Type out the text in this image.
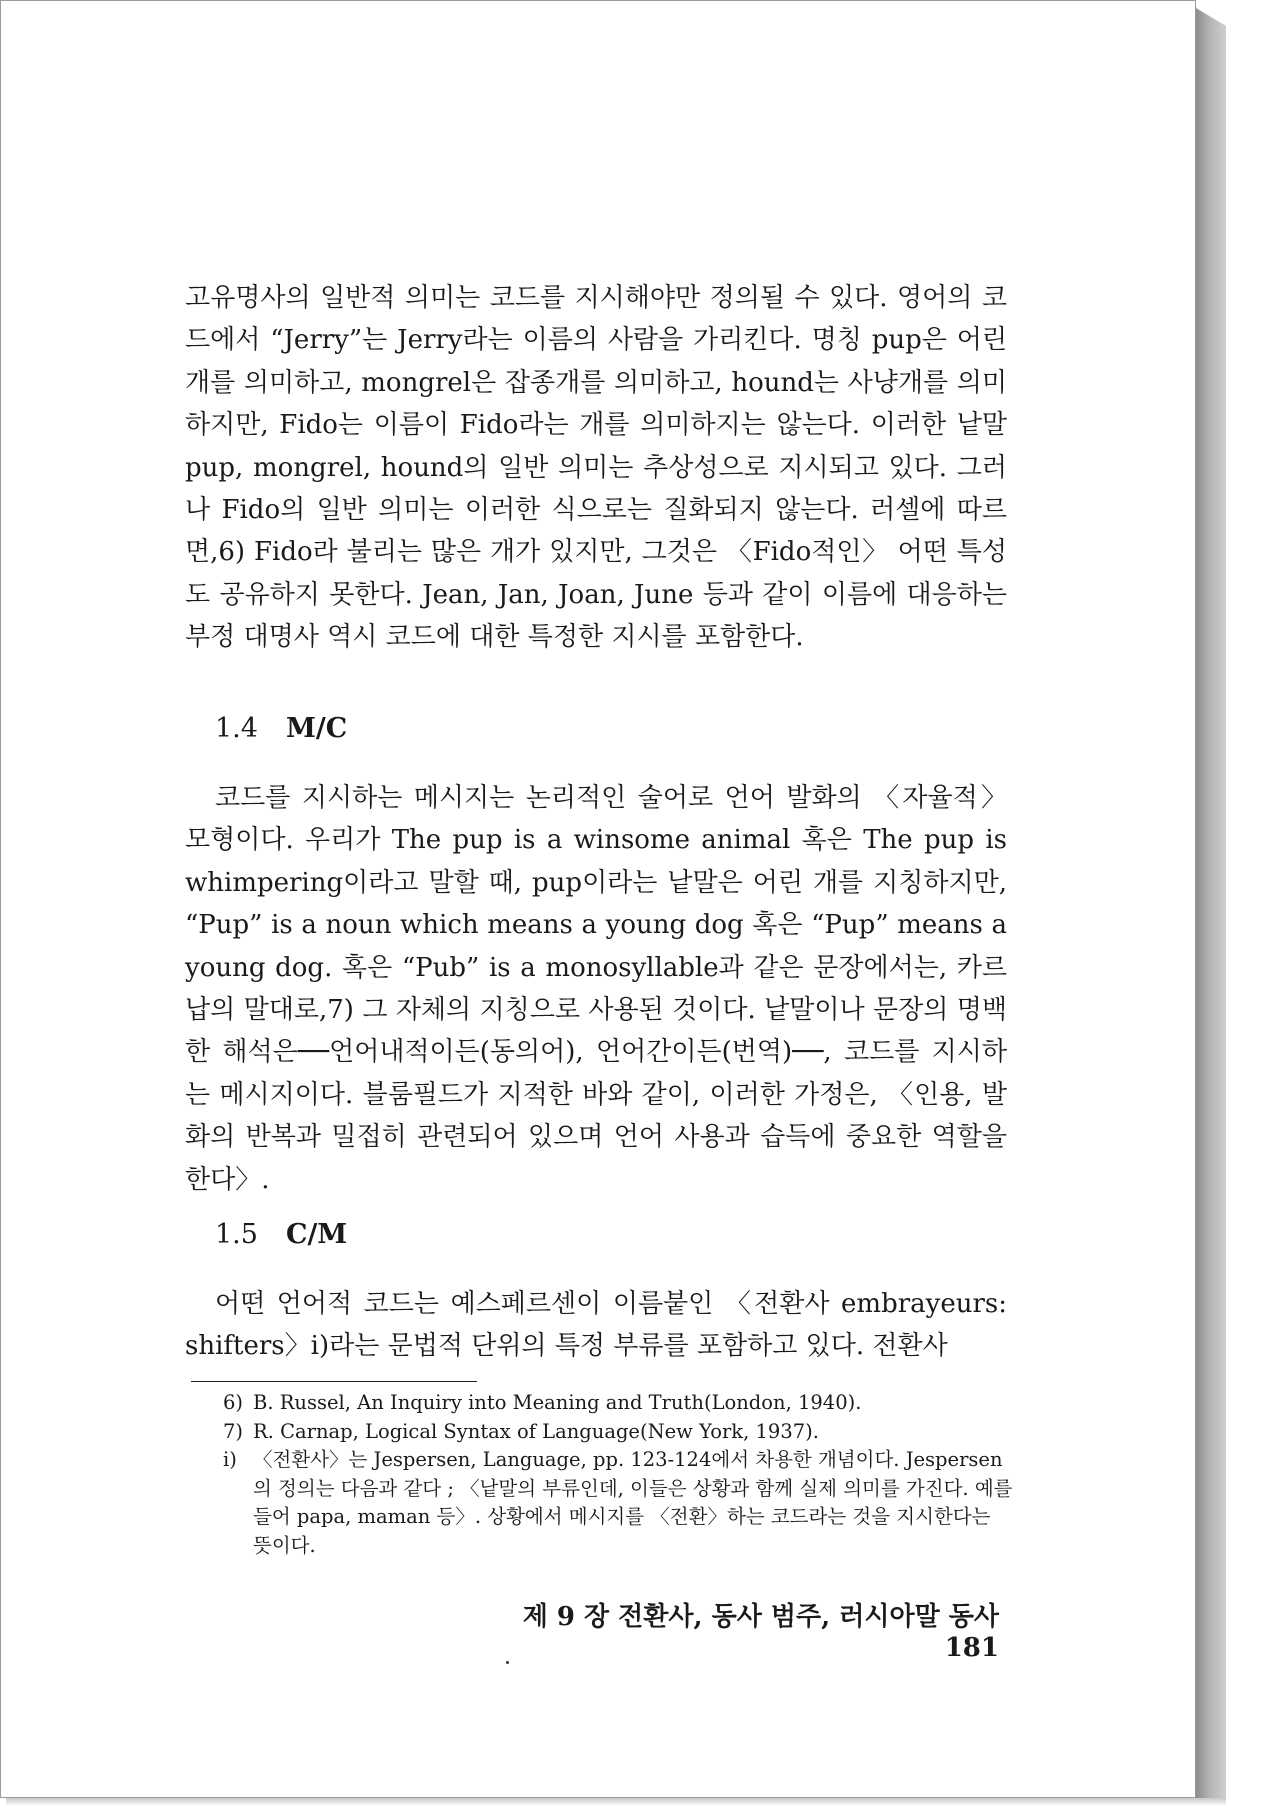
고유명사의 일반적 의미는 코드를 지시해야만 정의될 수 있다. 영어의 코드에서 “Jerry”는 Jerry라는 이름의 사람을 가리킨다. 명칭 pup은 어린 개를 의미하고, mongrel은 잡종개를 의미하고, hound는 사냥개를 의미하지만, Fido는 이름이 Fido라는 개를 의미하지는 않는다. 이러한 낱말 pup, mongrel, hound의 일반 의미는 추상성으로 지시되고 있다. 그러나 Fido의 일반 의미는 이러한 식으로는 질화되지 않는다. 러셀에 따르면,6) Fido라 불리는 많은 개가 있지만, 그것은 〈Fido적인〉 어떤 특성도 공유하지 못한다. Jean, Jan, Joan, June 등과 같이 이름에 대응하는 부정 대명사 역시 코드에 대한 특정한 지시를 포함한다.

1.4 M/C

코드를 지시하는 메시지는 논리적인 술어로 언어 발화의 〈자율적〉 모형이다. 우리가 The pup is a winsome animal 혹은 The pup is whimpering이라고 말할 때, pup이라는 낱말은 어린 개를 지칭하지만, “Pup” is a noun which means a young dog 혹은 “Pup” means a young dog. 혹은 “Pub” is a monosyllable과 같은 문장에서는, 카르납의 말대로,7) 그 자체의 지칭으로 사용된 것이다. 낱말이나 문장의 명백한 해석은──언어내적이든(동의어), 언어간이든(번역)──, 코드를 지시하는 메시지이다. 블룸필드가 지적한 바와 같이, 이러한 가정은, 〈인용, 발화의 반복과 밀접히 관련되어 있으며 언어 사용과 습득에 중요한 역할을 한다〉.

1.5 C/M

어떤 언어적 코드는 예스페르센이 이름붙인 〈전환사 embrayeurs: shifters〉i)라는 문법적 단위의 특정 부류를 포함하고 있다. 전환사

6) B. Russel, An Inquiry into Meaning and Truth(London, 1940).
7) R. Carnap, Logical Syntax of Language(New York, 1937).
i) 〈전환사〉는 Jespersen, Language, pp. 123-124에서 차용한 개념이다. Jespersen의 정의는 다음과 같다 ; 〈낱말의 부류인데, 이들은 상황과 함께 실제 의미를 가진다. 예를 들어 papa, maman 등〉. 상황에서 메시지를 〈전환〉하는 코드라는 것을 지시한다는 뜻이다.
제 9 장 전환사, 동사 범주, 러시아말 동사181
